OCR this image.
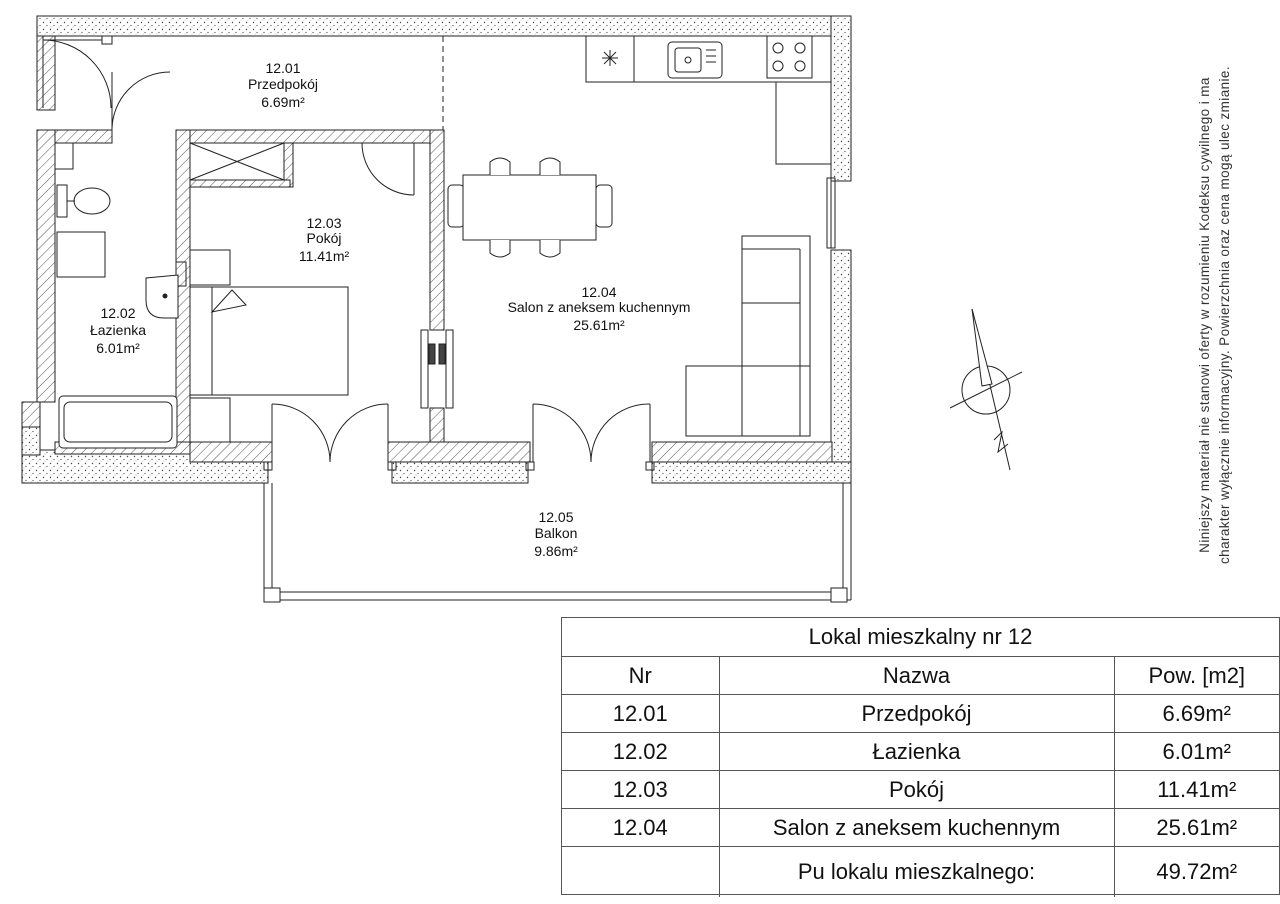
12.01
Przedpokój
6.69m²
12.02
Łazienka
6.01m²
12.03
Pokój
11.41m²
12.04
Salon z aneksem kuchennym
25.61m²
12.05
Balkon
9.86m²	Niniejszy materiał nie stanowi oferty w rozumieniu Kodeksu cywilnego i ma charakter wyłącznie informacyjny. Powierzchnia oraz cena mogą ulec zmianie.
Lokal mieszkalny nr 12
Nr	Nazwa	Pow. [m2]
12.01	Przedpokój	6.69m²
12.02	Łazienka	6.01m²
12.03	Pokój	11.41m²
12.04	Salon z aneksem kuchennym	25.61m²
	Pu lokalu mieszkalnego:	49.72m²
